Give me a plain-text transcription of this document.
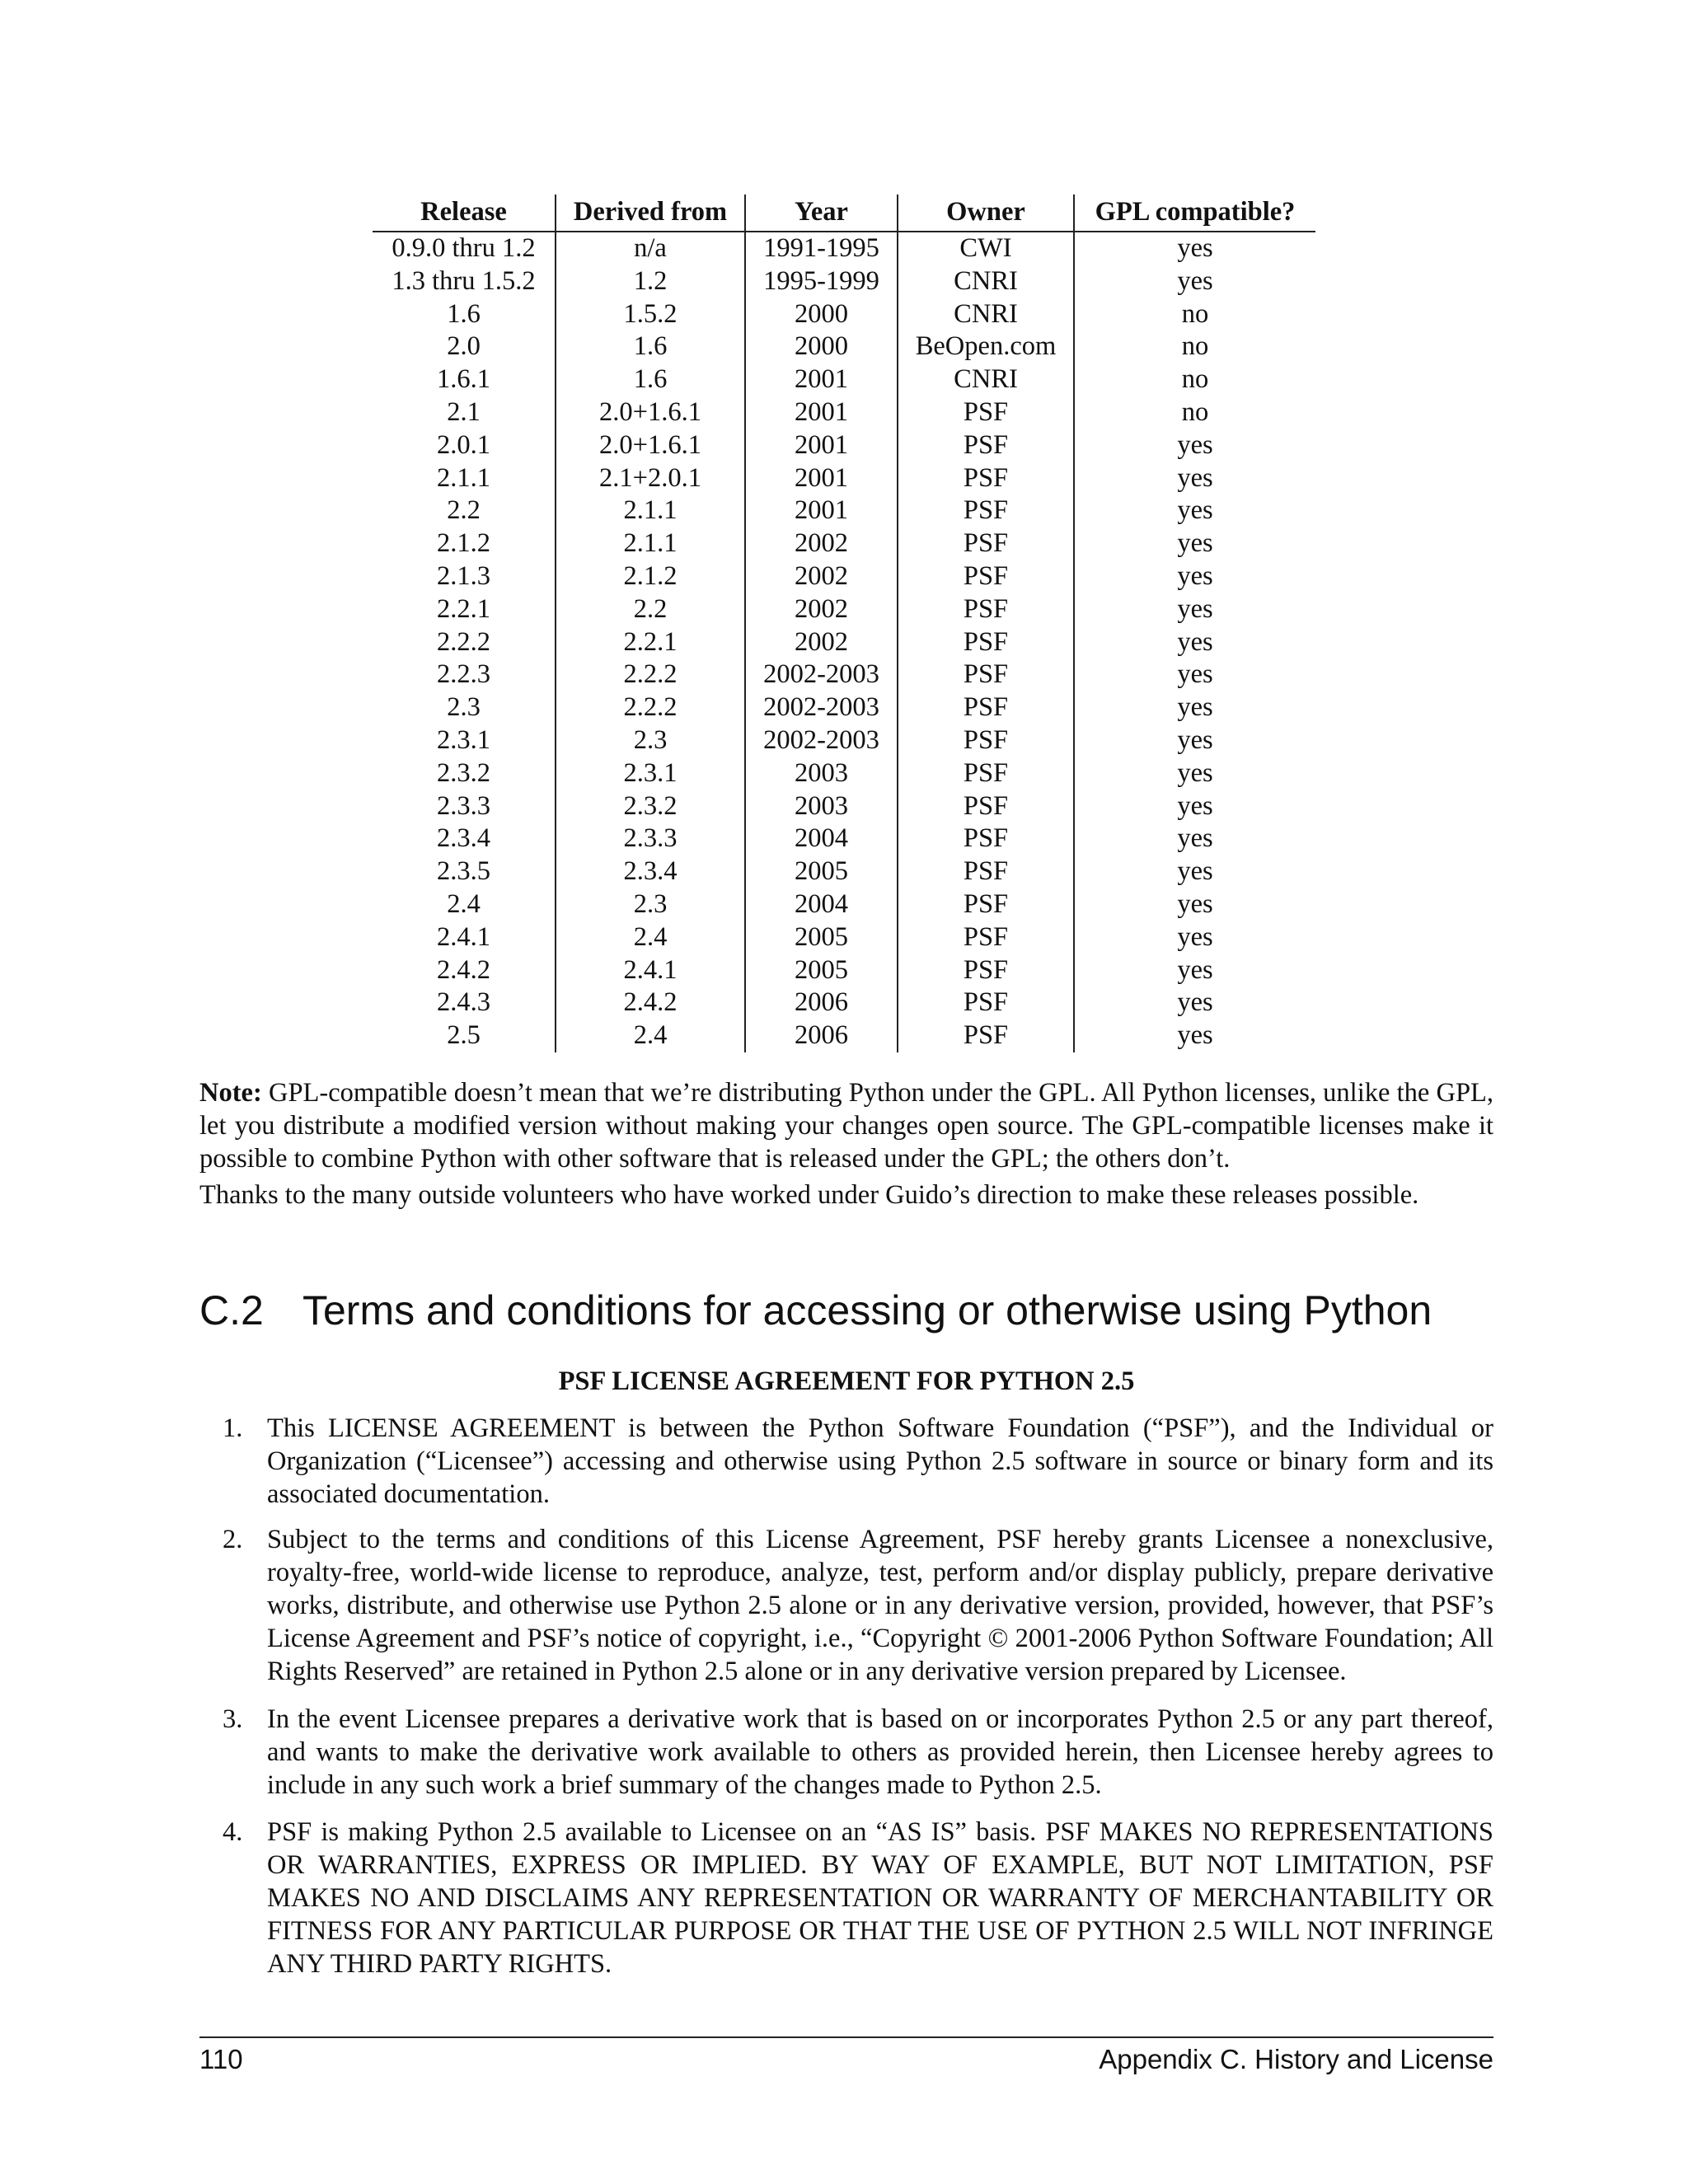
Release	Derived from	Year	Owner	GPL compatible?
0.9.0 thru 1.2	n/a	1991-1995	CWI	yes
1.3 thru 1.5.2	1.2	1995-1999	CNRI	yes
1.6	1.5.2	2000	CNRI	no
2.0	1.6	2000	BeOpen.com	no
1.6.1	1.6	2001	CNRI	no
2.1	2.0+1.6.1	2001	PSF	no
2.0.1	2.0+1.6.1	2001	PSF	yes
2.1.1	2.1+2.0.1	2001	PSF	yes
2.2	2.1.1	2001	PSF	yes
2.1.2	2.1.1	2002	PSF	yes
2.1.3	2.1.2	2002	PSF	yes
2.2.1	2.2	2002	PSF	yes
2.2.2	2.2.1	2002	PSF	yes
2.2.3	2.2.2	2002-2003	PSF	yes
2.3	2.2.2	2002-2003	PSF	yes
2.3.1	2.3	2002-2003	PSF	yes
2.3.2	2.3.1	2003	PSF	yes
2.3.3	2.3.2	2003	PSF	yes
2.3.4	2.3.3	2004	PSF	yes
2.3.5	2.3.4	2005	PSF	yes
2.4	2.3	2004	PSF	yes
2.4.1	2.4	2005	PSF	yes
2.4.2	2.4.1	2005	PSF	yes
2.4.3	2.4.2	2006	PSF	yes
2.5	2.4	2006	PSF	yes

Note: GPL-compatible doesn’t mean that we’re distributing Python under the GPL. All Python licenses, unlike the GPL, let you distribute a modified version without making your changes open source. The GPL-compatible licenses make it possible to combine Python with other software that is released under the GPL; the others don’t.

Thanks to the many outside volunteers who have worked under Guido’s direction to make these releases possible.

C.2 Terms and conditions for accessing or otherwise using Python

PSF LICENSE AGREEMENT FOR PYTHON 2.5

1. This LICENSE AGREEMENT is between the Python Software Foundation (“PSF”), and the Individual or Organization (“Licensee”) accessing and otherwise using Python 2.5 software in source or binary form and its associated documentation.
2. Subject to the terms and conditions of this License Agreement, PSF hereby grants Licensee a nonexclusive, royalty-free, world-wide license to reproduce, analyze, test, perform and/or display publicly, prepare derivative works, distribute, and otherwise use Python 2.5 alone or in any derivative version, provided, however, that PSF’s License Agreement and PSF’s notice of copyright, i.e., “Copyright © 2001-2006 Python Software Foundation; All Rights Reserved” are retained in Python 2.5 alone or in any derivative version prepared by Licensee.
3. In the event Licensee prepares a derivative work that is based on or incorporates Python 2.5 or any part thereof, and wants to make the derivative work available to others as provided herein, then Licensee hereby agrees to include in any such work a brief summary of the changes made to Python 2.5.
4. PSF is making Python 2.5 available to Licensee on an “AS IS” basis. PSF MAKES NO REPRESENTATIONS OR WARRANTIES, EXPRESS OR IMPLIED. BY WAY OF EXAMPLE, BUT NOT LIMITATION, PSF MAKES NO AND DISCLAIMS ANY REPRESENTATION OR WARRANTY OF MERCHANTABILITY OR FITNESS FOR ANY PARTICULAR PURPOSE OR THAT THE USE OF PYTHON 2.5 WILL NOT INFRINGE ANY THIRD PARTY RIGHTS.
110	Appendix C. History and License
